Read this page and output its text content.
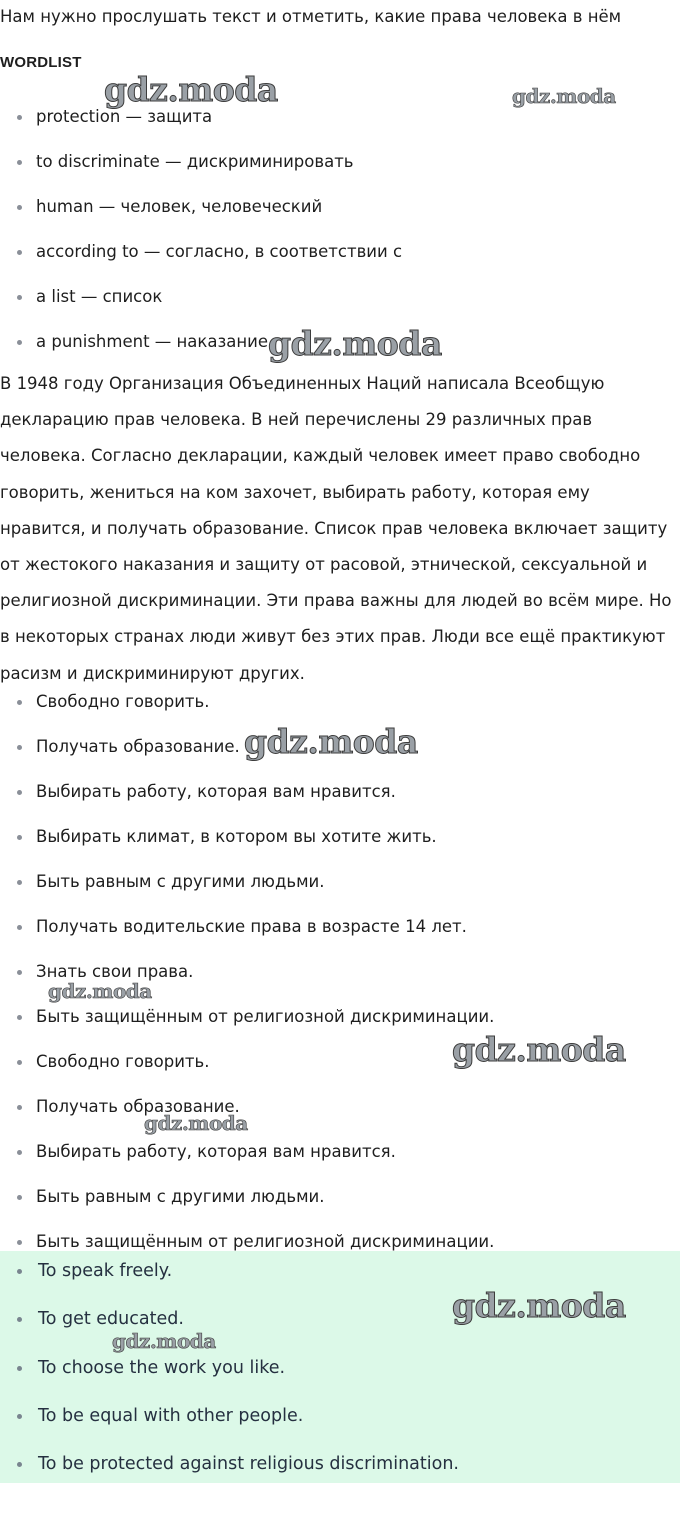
Нам нужно прослушать текст и отметить, какие права человека в нём
WORDLIST
protection — защита
to discriminate — дискриминировать
human — человек, человеческий
according to — согласно, в соответствии с
a list — список
a punishment — наказание
В 1948 году Организация Объединенных Наций написала Всеобщую декларацию прав человека. В ней перечислены 29 различных прав человека. Согласно декларации, каждый человек имеет право свободно говорить, жениться на ком захочет, выбирать работу, которая ему нравится, и получать образование. Список прав человека включает защиту от жестокого наказания и защиту от расовой, этнической, сексуальной и религиозной дискриминации. Эти права важны для людей во всём мире. Но в некоторых странах люди живут без этих прав. Люди все ещё практикуют расизм и дискриминируют других.
Свободно говорить.
Получать образование.
Выбирать работу, которая вам нравится.
Выбирать климат, в котором вы хотите жить.
Быть равным с другими людьми.
Получать водительские права в возрасте 14 лет.
Знать свои права.
Быть защищённым от религиозной дискриминации.
Свободно говорить.
Получать образование.
Выбирать работу, которая вам нравится.
Быть равным с другими людьми.
Быть защищённым от религиозной дискриминации.
To speak freely.
To get educated.
To choose the work you like.
To be equal with other people.
To be protected against religious discrimination.
gdz.moda	gdz.moda
gdz.moda
gdz.moda
gdz.moda
gdz.moda
gdz.moda
gdz.moda
gdz.moda
